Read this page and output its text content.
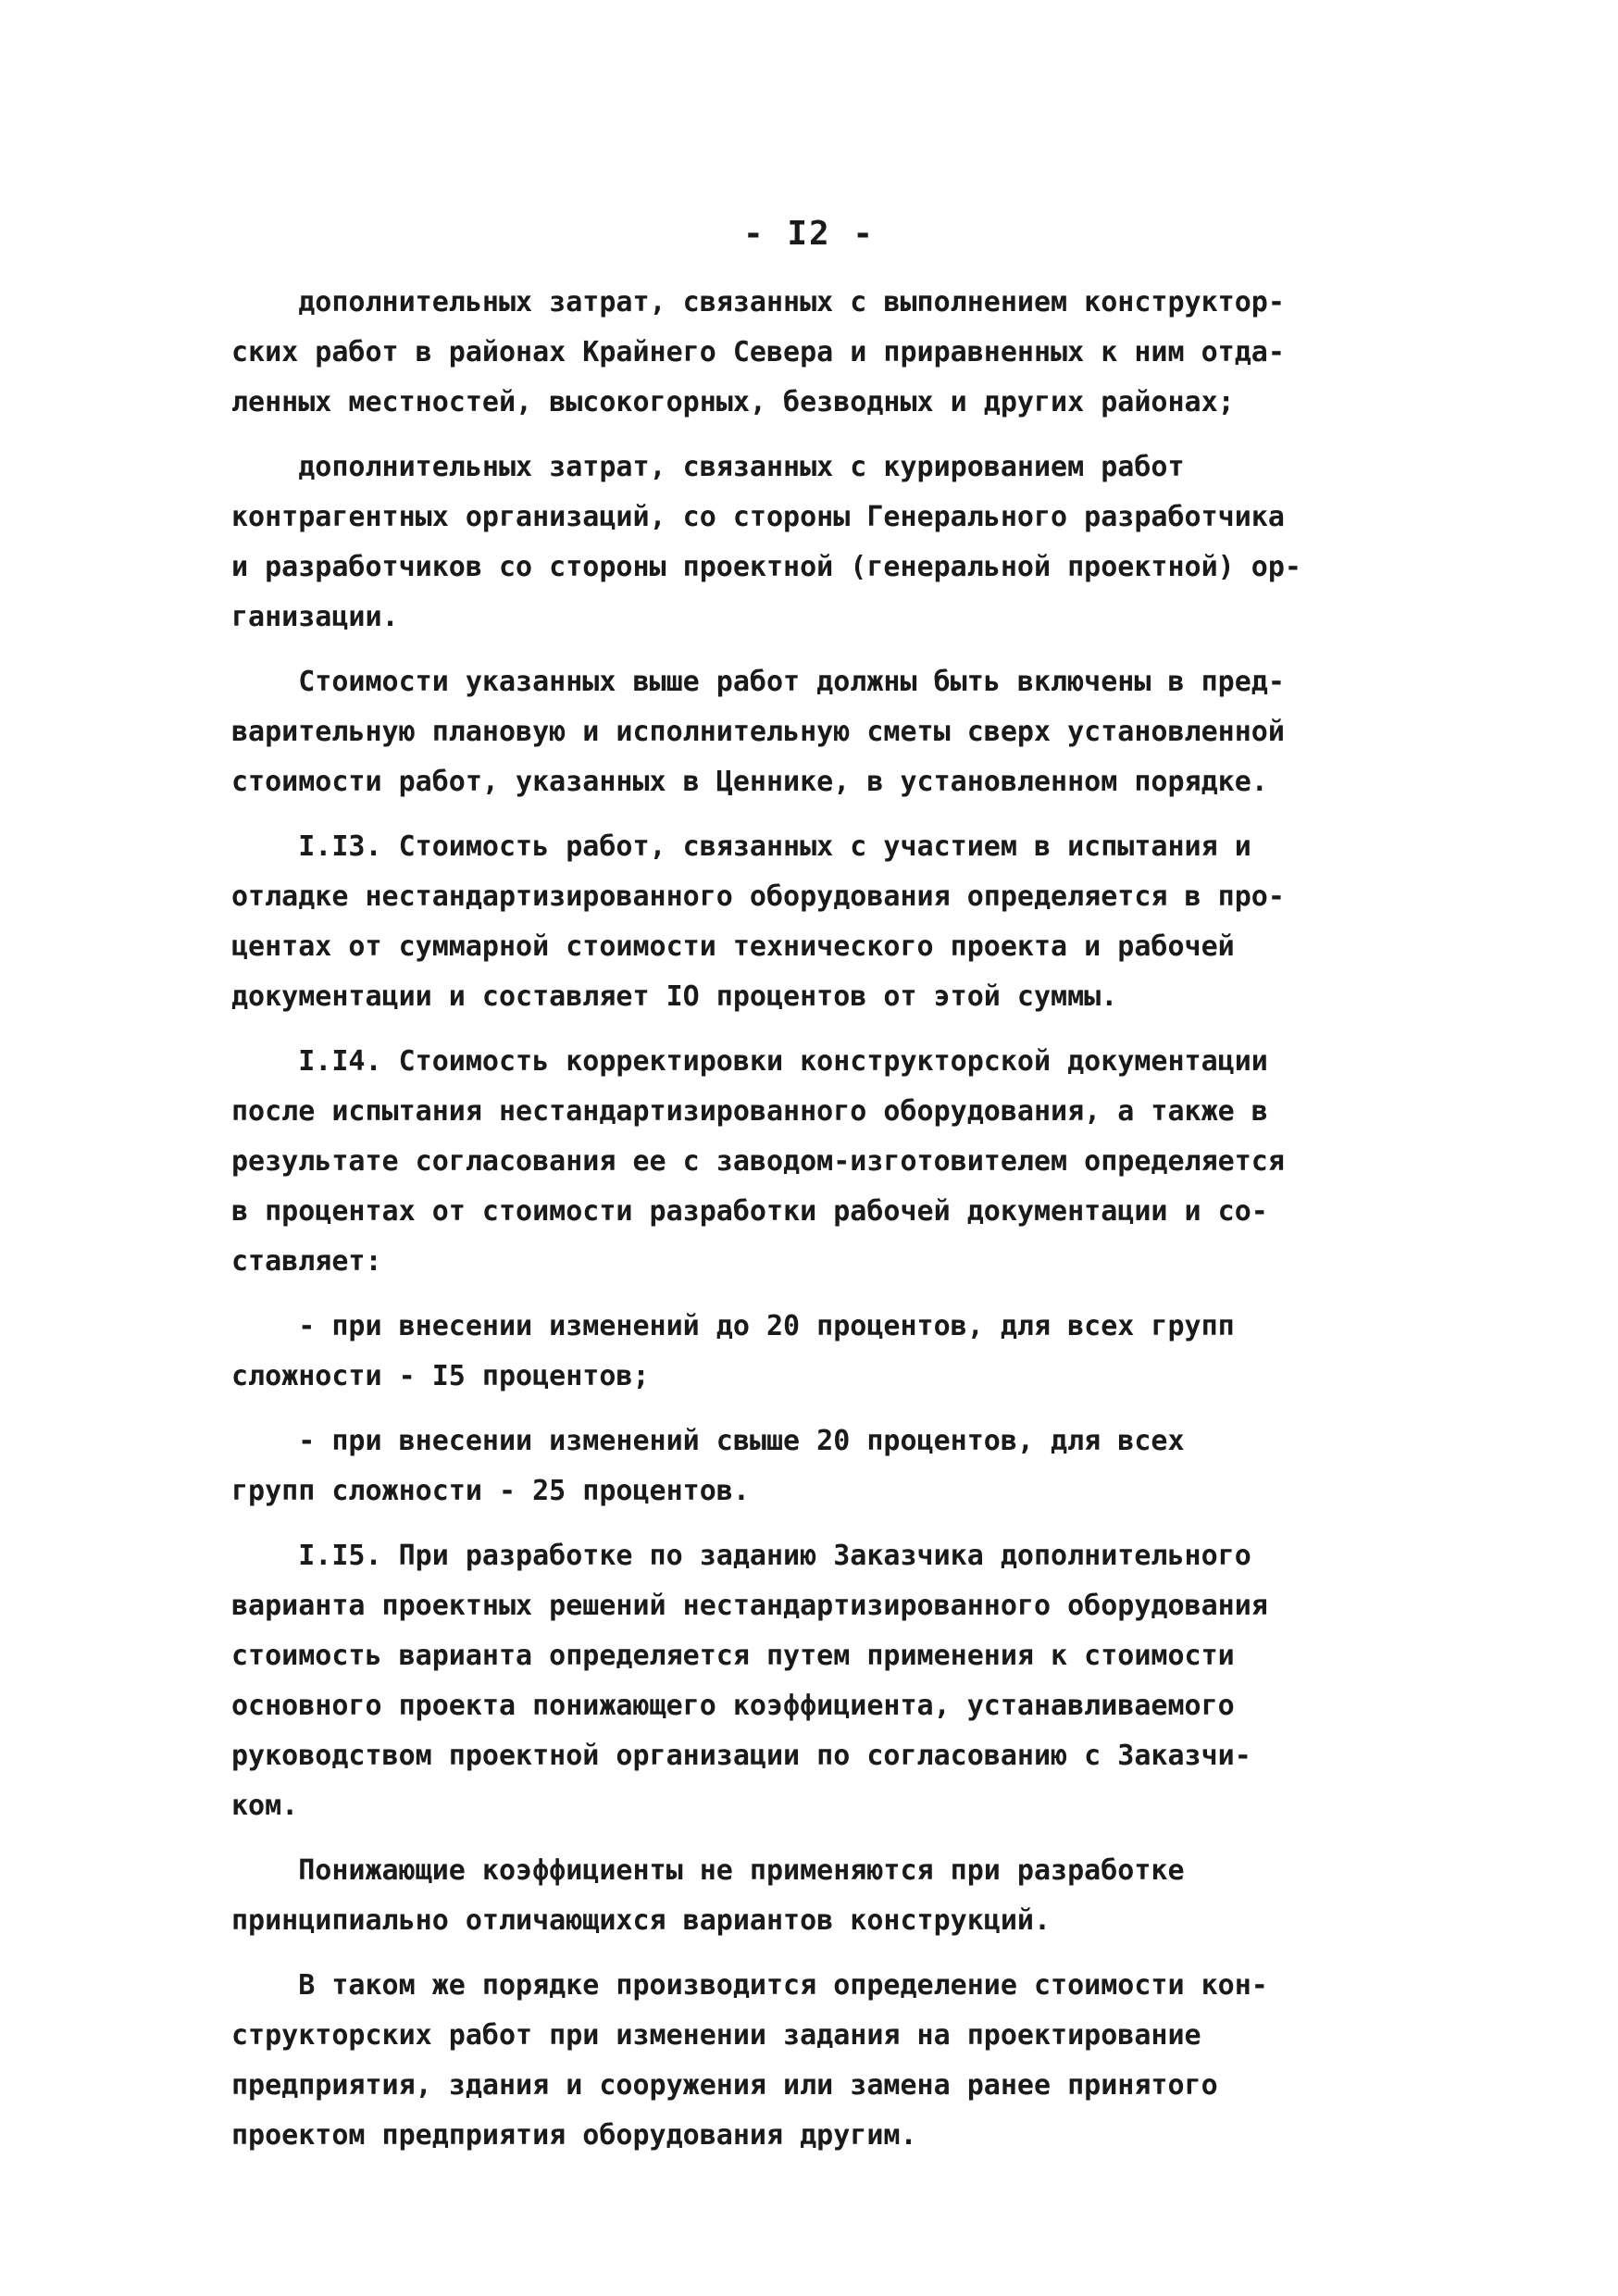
- I2 -
дополнительных затрат, связанных с выполнением конструктор-
ских работ в районах Крайнего Севера и приравненных к ним отда-
ленных местностей, высокогорных, безводных и других районах;
дополнительных затрат, связанных с курированием работ
контрагентных организаций, со стороны Генерального разработчика
и разработчиков со стороны проектной (генеральной проектной) ор-
ганизации.
Стоимости указанных выше работ должны быть включены в пред-
варительную плановую и исполнительную сметы сверх установленной
стоимости работ, указанных в Ценнике, в установленном порядке.
I.I3. Стоимость работ, связанных с участием в испытания и
отладке нестандартизированного оборудования определяется в про-
центах от суммарной стоимости технического проекта и рабочей
документации и составляет IO процентов от этой суммы.
I.I4. Стоимость корректировки конструкторской документации
после испытания нестандартизированного оборудования, а также в
результате согласования ее с заводом-изготовителем определяется
в процентах от стоимости разработки рабочей документации и со-
ставляет:
- при внесении изменений до 20 процентов, для всех групп
сложности - I5 процентов;
- при внесении изменений свыше 20 процентов, для всех
групп сложности - 25 процентов.
I.I5. При разработке по заданию Заказчика дополнительного
варианта проектных решений нестандартизированного оборудования
стоимость варианта определяется путем применения к стоимости
основного проекта понижающего коэффициента, устанавливаемого
руководством проектной организации по согласованию с Заказчи-
ком.
Понижающие коэффициенты не применяются при разработке
принципиально отличающихся вариантов конструкций.
В таком же порядке производится определение стоимости кон-
структорских работ при изменении задания на проектирование
предприятия, здания и сооружения или замена ранее принятого
проектом предприятия оборудования другим.
